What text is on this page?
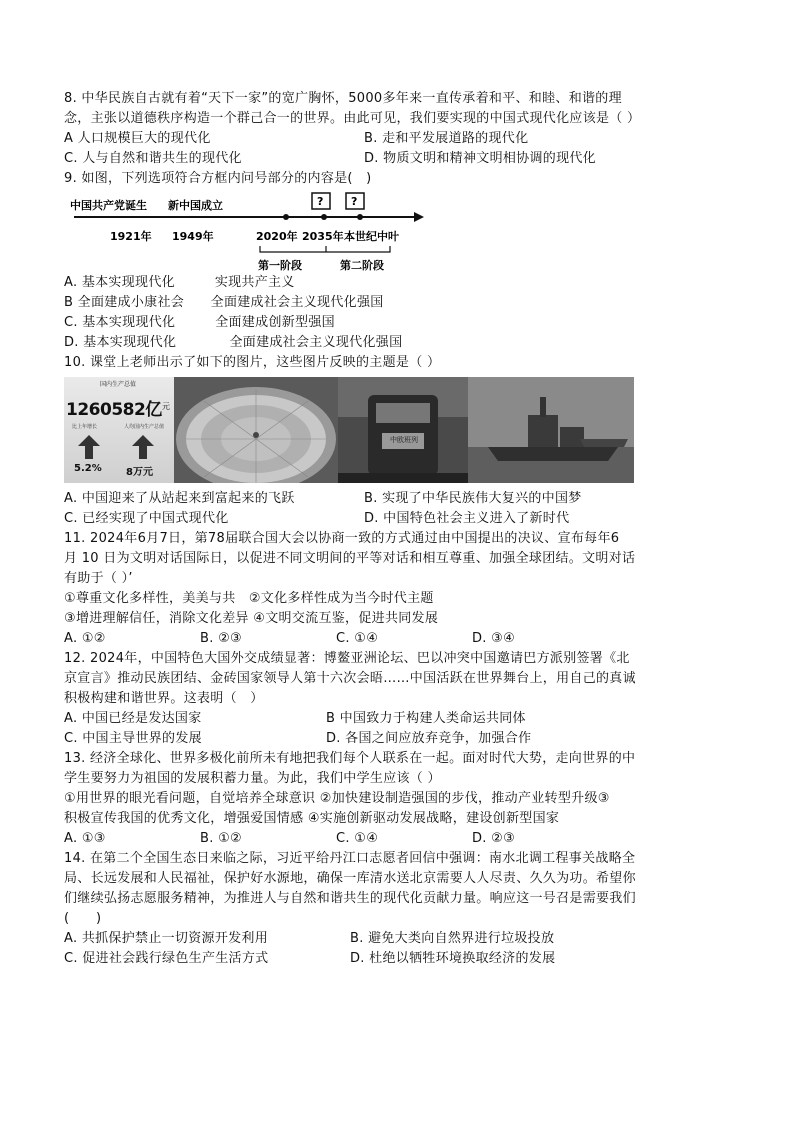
8. 中华民族自古就有着“天下一家”的宽广胸怀，5000多年来一直传承着和平、和睦、和谐的理
念，主张以道德秩序构造一个群己合一的世界。由此可见，我们要实现的中国式现代化应该是（ ）
A 人口规模巨大的现代化	B. 走和平发展道路的现代化
C. 人与自然和谐共生的现代化	D. 物质文明和精神文明相协调的现代化
9. 如图，下列选项符合方框内问号部分的内容是(　)
中国共产党诞生 新中国成立	?	?
1921年 1949年	2020年 2035年 本世纪中叶
第一阶段	第二阶段
A. 基本实现现代化　　　实现共产主义
B 全面建成小康社会　　全面建成社会主义现代化强国
C. 基本实现现代化　　　全面建成创新型强国
D. 基本实现现代化　　　　全面建成社会主义现代化强国
10. 课堂上老师出示了如下的图片，这些图片反映的主题是（ ）
国内生产总值
1260582亿 元
比上年增长	人均国内生产总值
5.2% 8万元
中欧班列
A. 中国迎来了从站起来到富起来的飞跃	B. 实现了中华民族伟大复兴的中国梦
C. 已经实现了中国式现代化	D. 中国特色社会主义进入了新时代
11. 2024年6月7日，第78届联合国大会以协商一致的方式通过由中国提出的决议、宣布每年6
月 10 日为文明对话国际日，以促进不同文明间的平等对话和相互尊重、加强全球团结。文明对话
有助于（ ）’
①尊重文化多样性，美美与共　②文化多样性成为当今时代主题
③增进理解信任，消除文化差异 ④文明交流互鉴，促进共同发展
A. ①②	B. ②③	C. ①④	D. ③④
12. 2024年，中国特色大国外交成绩显著：博鳌亚洲论坛、巴以冲突中国邀请巴方派别签署《北
京宣言》推动民族团结、金砖国家领导人第十六次会晤……中国活跃在世界舞台上，用自己的真诚
积极构建和谐世界。这表明（　）
A. 中国已经是发达国家	B 中国致力于构建人类命运共同体
C. 中国主导世界的发展	D. 各国之间应放弃竞争，加强合作
13. 经济全球化、世界多极化前所未有地把我们每个人联系在一起。面对时代大势，走向世界的中
学生要努力为祖国的发展积蓄力量。为此，我们中学生应该（ ）
①用世界的眼光看问题，自觉培养全球意识 ②加快建设制造强国的步伐，推动产业转型升级③
积极宣传我国的优秀文化，增强爱国情感 ④实施创新驱动发展战略，建设创新型国家
A. ①③	B. ①②	C. ①④	D. ②③
14. 在第二个全国生态日来临之际，习近平给丹江口志愿者回信中强调：南水北调工程事关战略全
局、长远发展和人民福祉，保护好水源地，确保一库清水送北京需要人人尽责、久久为功。希望你
们继续弘扬志愿服务精神，为推进人与自然和谐共生的现代化贡献力量。响应这一号召是需要我们
(　　)
A. 共抓保护禁止一切资源开发利用	B. 避免大类向自然界进行垃圾投放
C. 促进社会践行绿色生产生活方式	D. 杜绝以牺牲环境换取经济的发展
